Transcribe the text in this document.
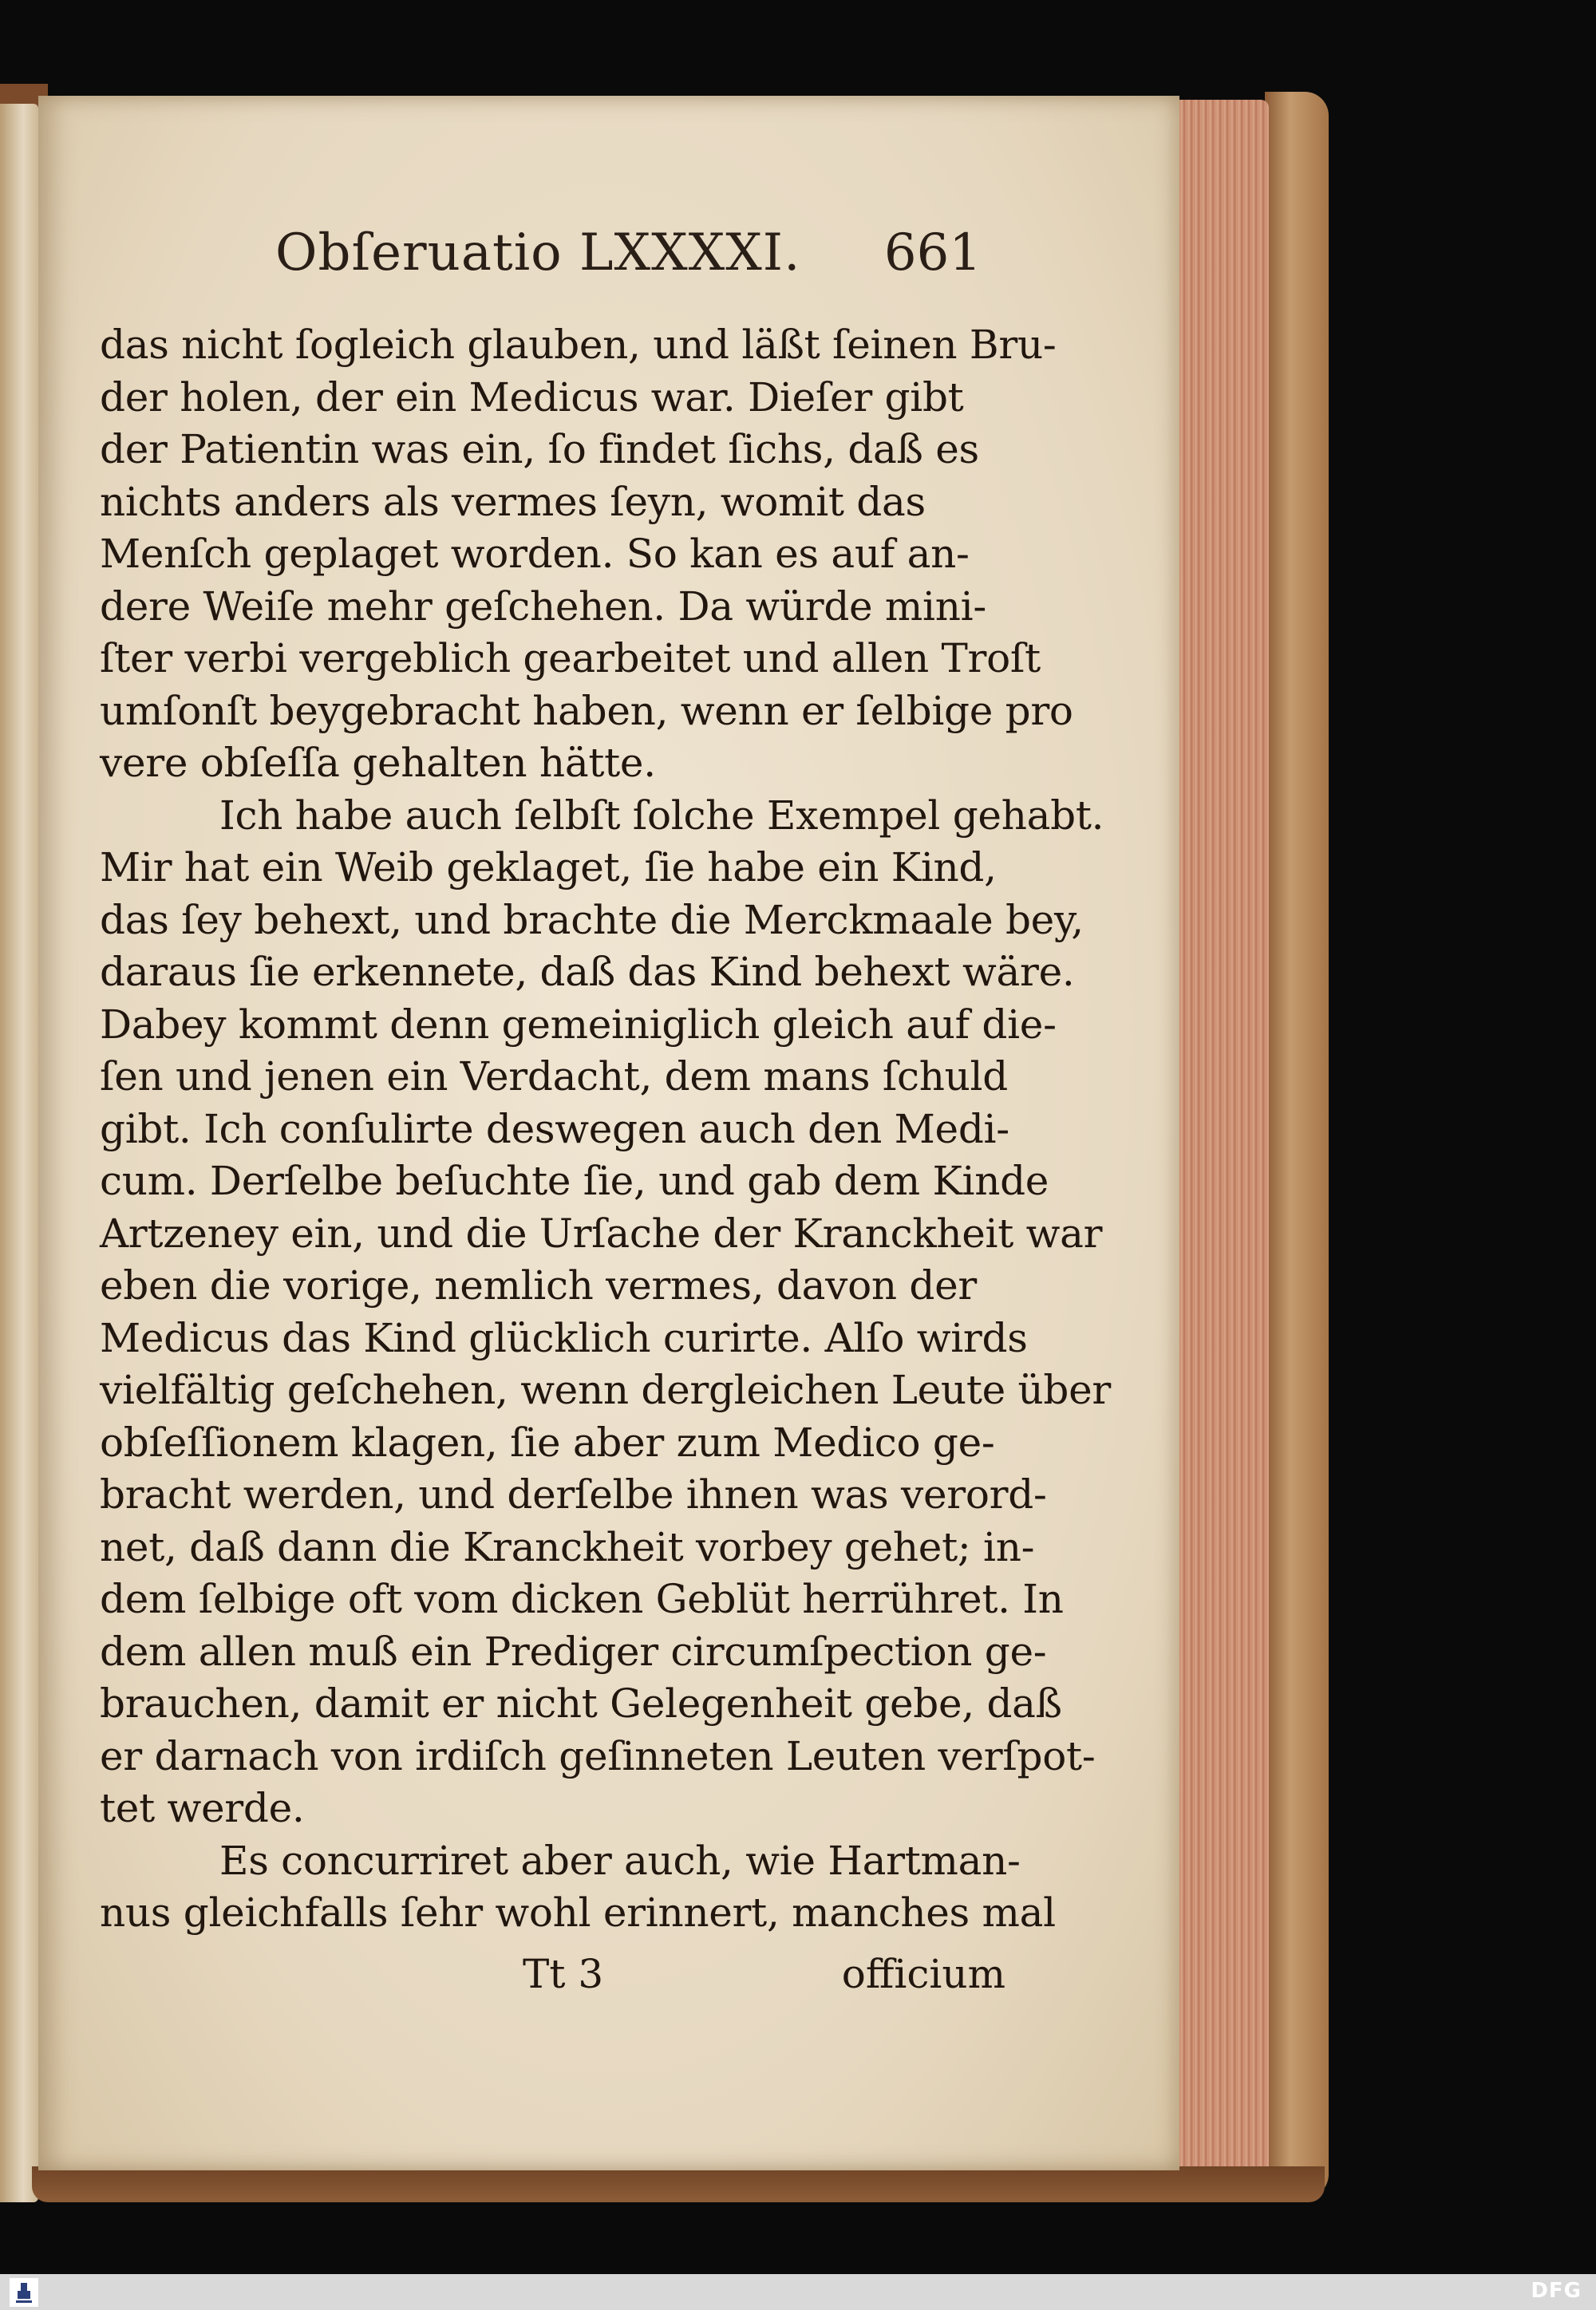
Obſeruatio LXXXXI. 661
das nicht ſogleich glauben, und läßt ſeinen Bru-
der holen, der ein Medicus war. Dieſer gibt
der Patientin was ein, ſo findet ſichs, daß es
nichts anders als vermes ſeyn, womit das
Menſch geplaget worden. So kan es auf an-
dere Weiſe mehr geſchehen. Da würde mini-
ſter verbi vergeblich gearbeitet und allen Troſt
umſonſt beygebracht haben, wenn er ſelbige pro
vere obſeſſa gehalten hätte.
Ich habe auch ſelbſt ſolche Exempel gehabt.
Mir hat ein Weib geklaget, ſie habe ein Kind,
das ſey behext, und brachte die Merckmaale bey,
daraus ſie erkennete, daß das Kind behext wäre.
Dabey kommt denn gemeiniglich gleich auf die-
ſen und jenen ein Verdacht, dem mans ſchuld
gibt. Ich conſulirte deswegen auch den Medi-
cum. Derſelbe beſuchte ſie, und gab dem Kinde
Artzeney ein, und die Urſache der Kranckheit war
eben die vorige, nemlich vermes, davon der
Medicus das Kind glücklich curirte. Alſo wirds
vielfältig geſchehen, wenn dergleichen Leute über
obſeſſionem klagen, ſie aber zum Medico ge-
bracht werden, und derſelbe ihnen was verord-
net, daß dann die Kranckheit vorbey gehet; in-
dem ſelbige oft vom dicken Geblüt herrühret. In
dem allen muß ein Prediger circumſpection ge-
brauchen, damit er nicht Gelegenheit gebe, daß
er darnach von irdiſch geſinneten Leuten verſpot-
tet werde.
Es concurriret aber auch, wie Hartman-
nus gleichfalls ſehr wohl erinnert, manches mal
Tt 3	officium
DFG
